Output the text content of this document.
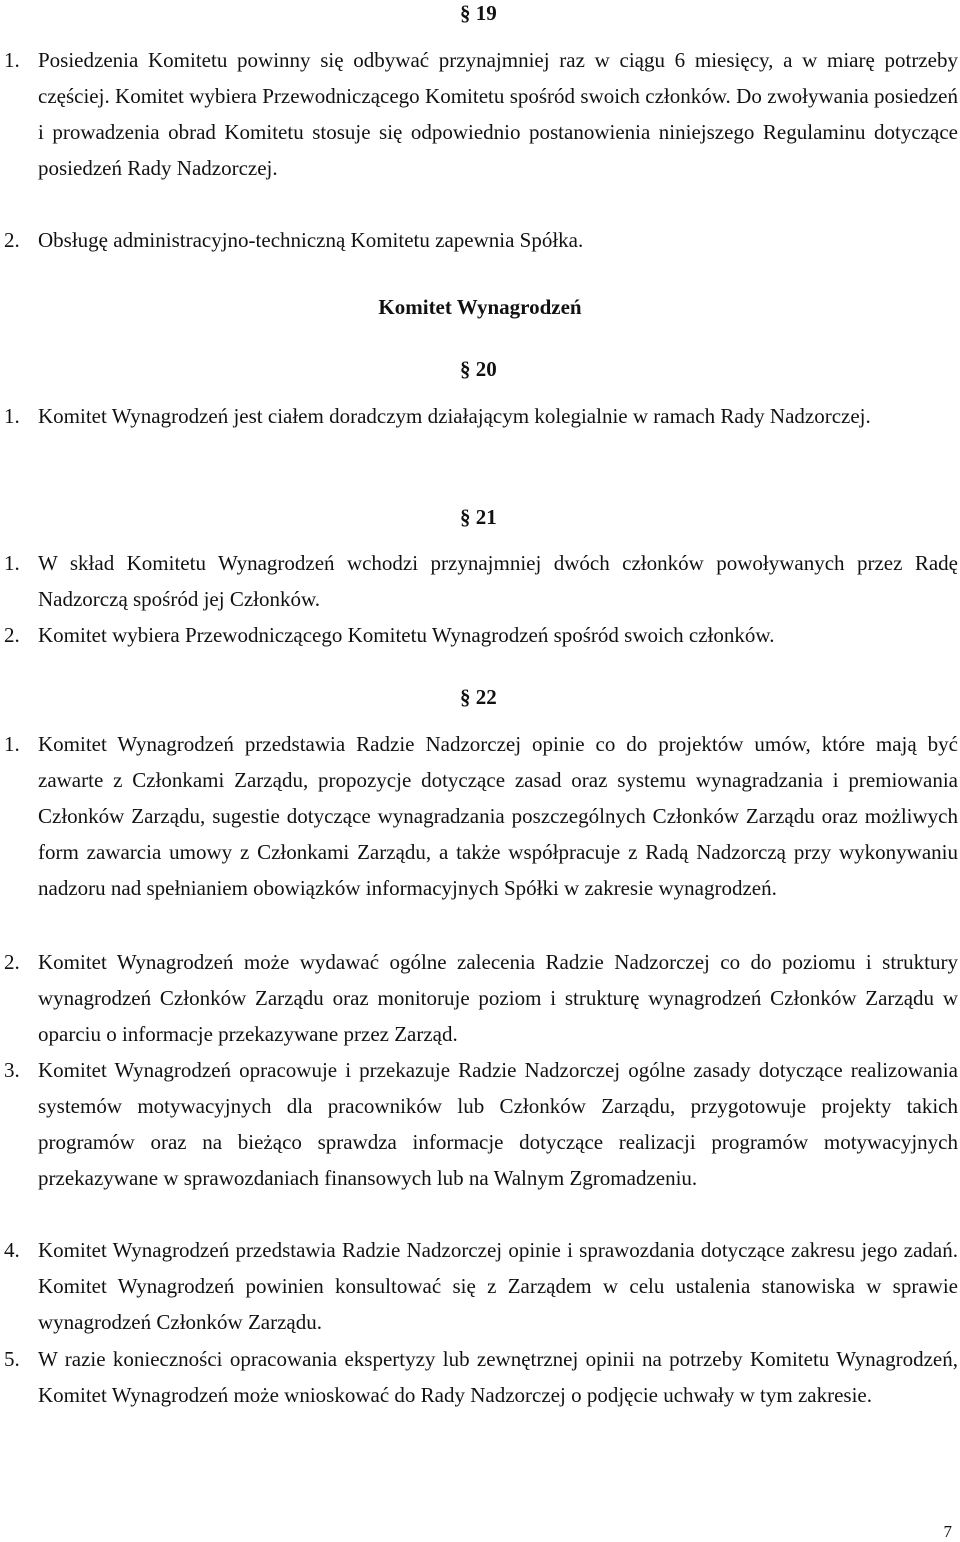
§ 19
1. Posiedzenia Komitetu powinny się odbywać przynajmniej raz w ciągu 6 miesięcy, a w miarę potrzeby częściej. Komitet wybiera Przewodniczącego Komitetu spośród swoich członków. Do zwoływania posiedzeń i prowadzenia obrad Komitetu stosuje się odpowiednio postanowienia niniejszego Regulaminu dotyczące posiedzeń Rady Nadzorczej.
2. Obsługę administracyjno-techniczną Komitetu zapewnia Spółka.
Komitet Wynagrodzeń
§ 20
1. Komitet Wynagrodzeń jest ciałem doradczym działającym kolegialnie w ramach Rady Nadzorczej.
§ 21
1. W skład Komitetu Wynagrodzeń wchodzi przynajmniej dwóch członków powoływanych przez Radę Nadzorczą spośród jej Członków.
2. Komitet wybiera Przewodniczącego Komitetu Wynagrodzeń spośród swoich członków.
§ 22
1. Komitet Wynagrodzeń przedstawia Radzie Nadzorczej opinie co do projektów umów, które mają być zawarte z Członkami Zarządu, propozycje dotyczące zasad oraz systemu wynagradzania i premiowania Członków Zarządu, sugestie dotyczące wynagradzania poszczególnych Członków Zarządu oraz możliwych form zawarcia umowy z Członkami Zarządu, a także współpracuje z Radą Nadzorczą przy wykonywaniu nadzoru nad spełnianiem obowiązków informacyjnych Spółki w zakresie wynagrodzeń.
2. Komitet Wynagrodzeń może wydawać ogólne zalecenia Radzie Nadzorczej co do poziomu i struktury wynagrodzeń Członków Zarządu oraz monitoruje poziom i strukturę wynagrodzeń Członków Zarządu w oparciu o informacje przekazywane przez Zarząd.
3. Komitet Wynagrodzeń opracowuje i przekazuje Radzie Nadzorczej ogólne zasady dotyczące realizowania systemów motywacyjnych dla pracowników lub Członków Zarządu, przygotowuje projekty takich programów oraz na bieżąco sprawdza informacje dotyczące realizacji programów motywacyjnych przekazywane w sprawozdaniach finansowych lub na Walnym Zgromadzeniu.
4. Komitet Wynagrodzeń przedstawia Radzie Nadzorczej opinie i sprawozdania dotyczące zakresu jego zadań. Komitet Wynagrodzeń powinien konsultować się z Zarządem w celu ustalenia stanowiska w sprawie wynagrodzeń Członków Zarządu.
5. W razie konieczności opracowania ekspertyzy lub zewnętrznej opinii na potrzeby Komitetu Wynagrodzeń, Komitet Wynagrodzeń może wnioskować do Rady Nadzorczej o podjęcie uchwały w tym zakresie.
7
